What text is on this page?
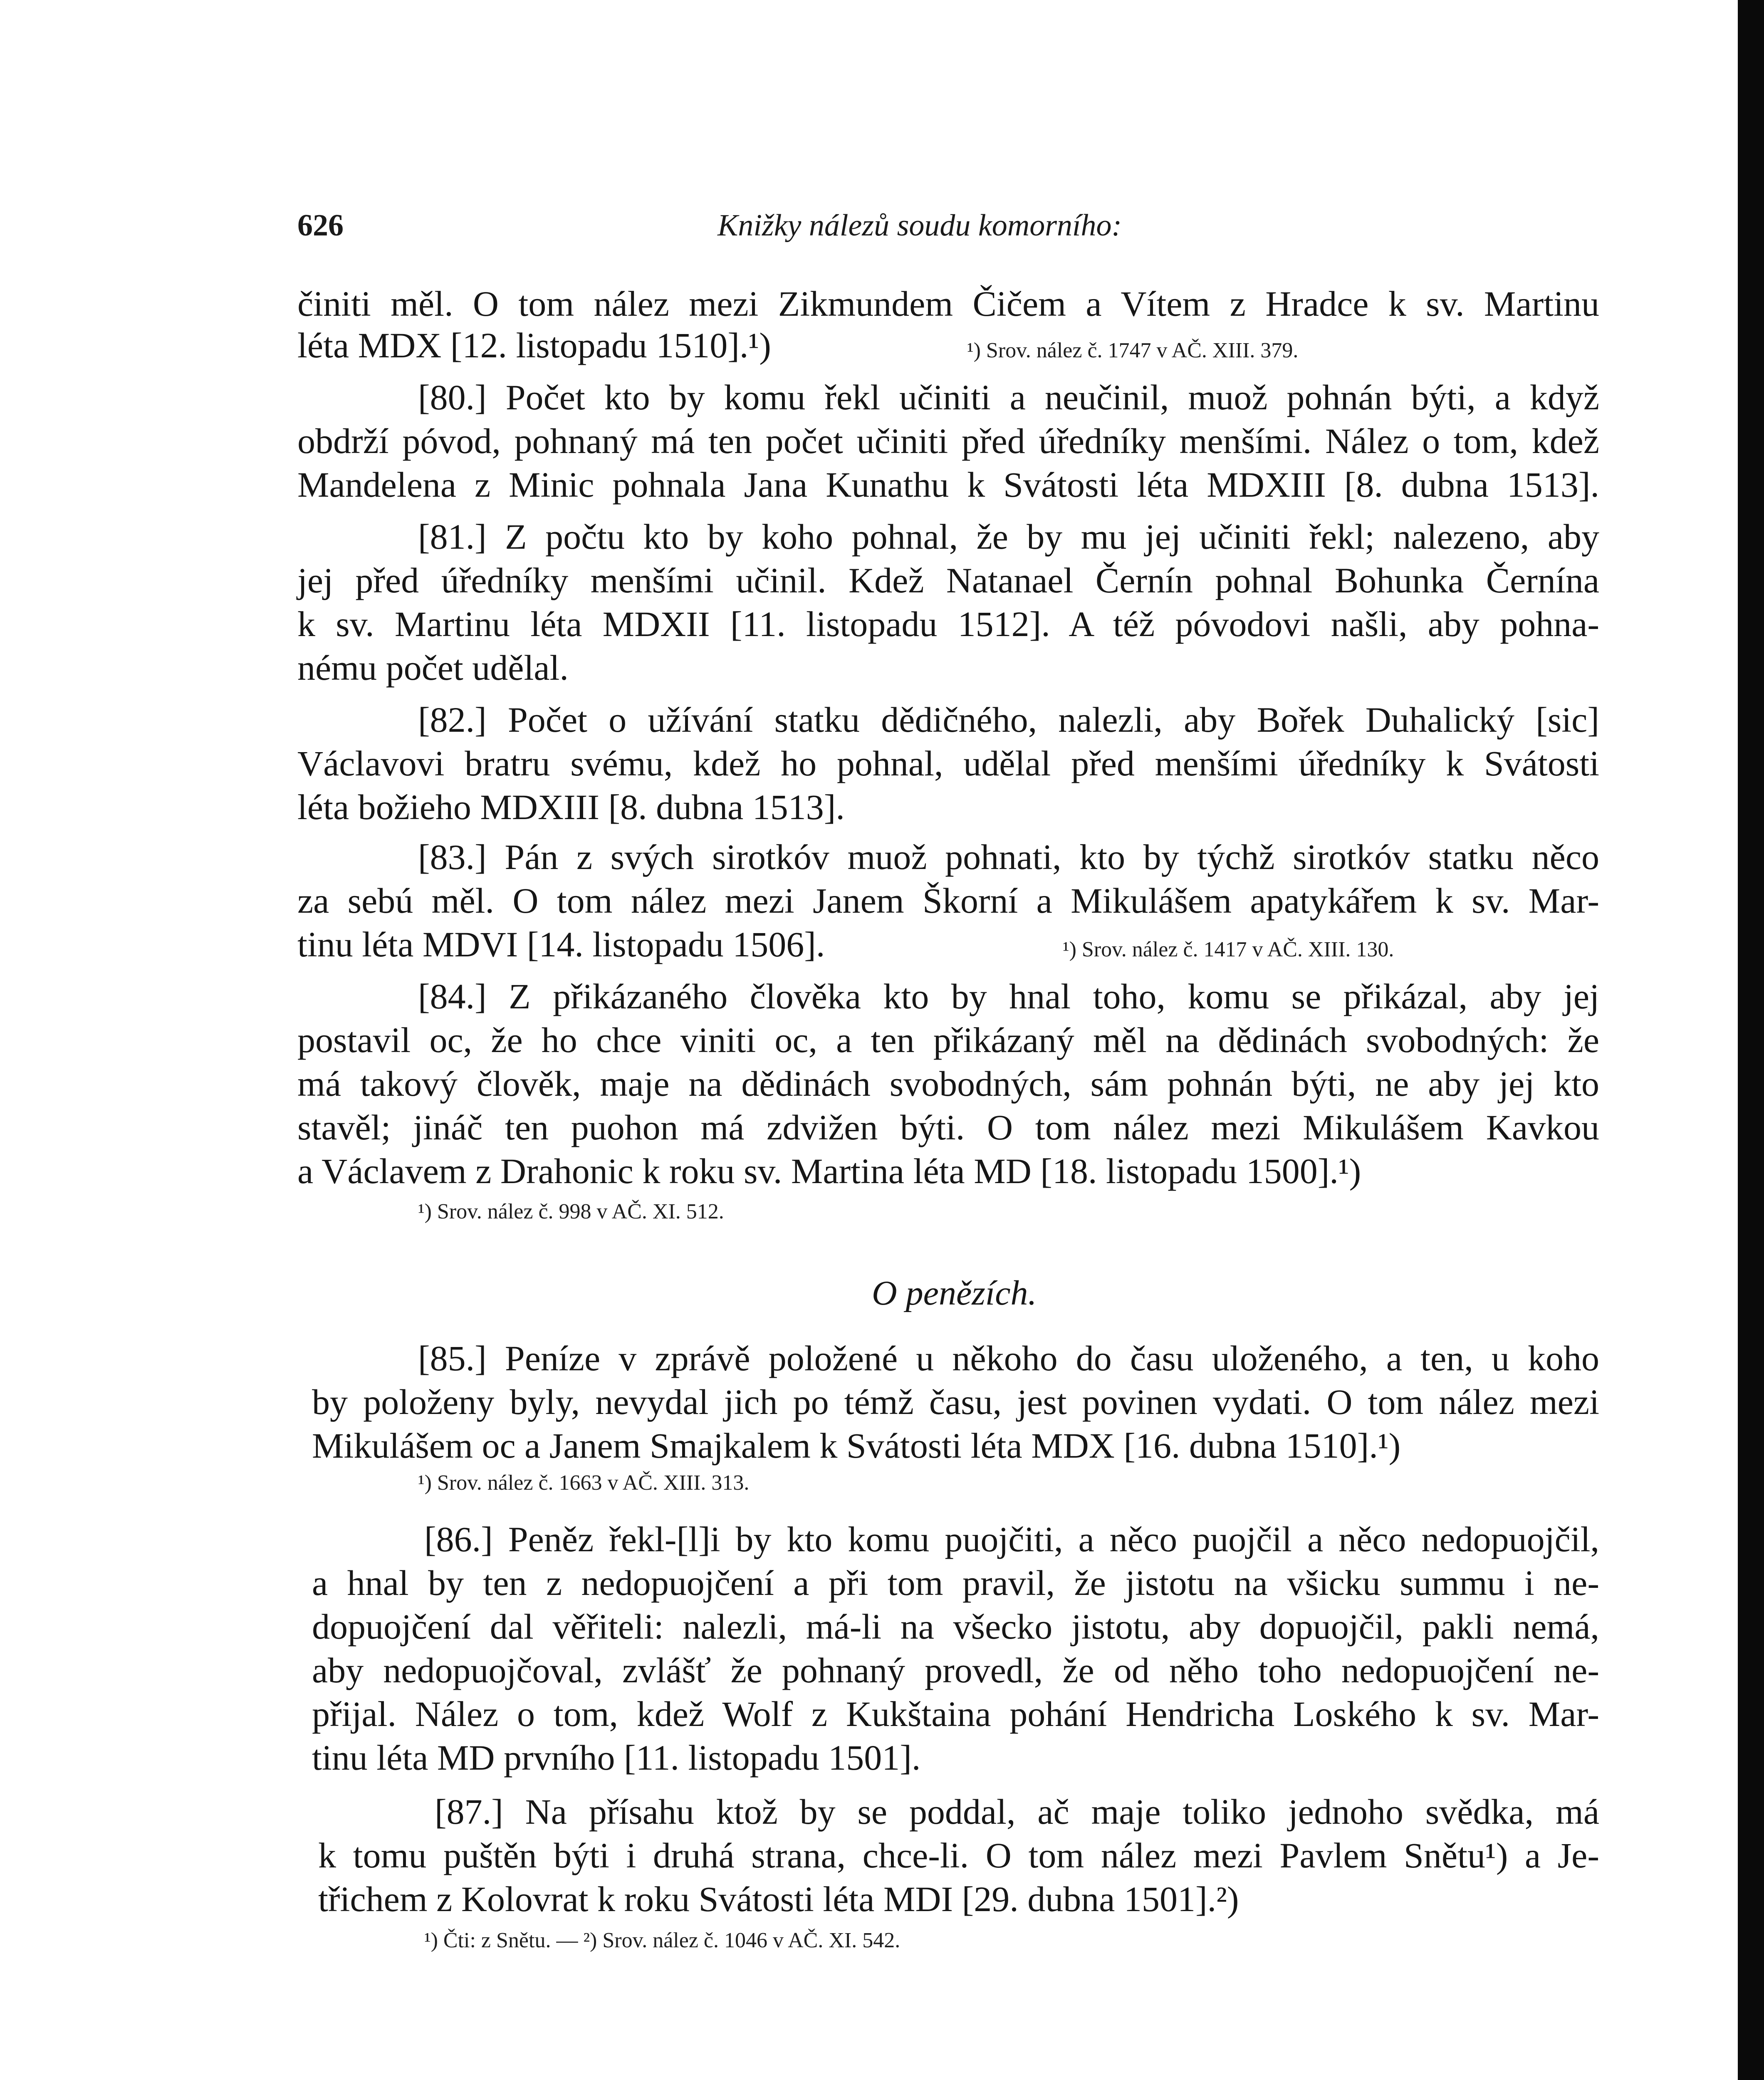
626	Knižky nálezů soudu komorního:
činiti měl. O tom nález mezi Zikmundem Čičem a Vítem z Hradce k sv. Martinu
léta MDX [12. listopadu 1510].¹)	¹) Srov. nález č. 1747 v AČ. XIII. 379.
[80.] Počet kto by komu řekl učiniti a neučinil, muož pohnán býti, a když
obdrží póvod, pohnaný má ten počet učiniti před úředníky menšími. Nález o tom, kdež
Mandelena z Minic pohnala Jana Kunathu k Svátosti léta MDXIII [8. dubna 1513].
[81.] Z počtu kto by koho pohnal, že by mu jej učiniti řekl; nalezeno, aby
jej před úředníky menšími učinil. Kdež Natanael Černín pohnal Bohunka Černína
k sv. Martinu léta MDXII [11. listopadu 1512]. A též póvodovi našli, aby pohna-
nému počet udělal.
[82.] Počet o užívání statku dědičného, nalezli, aby Bořek Duhalický [sic]
Václavovi bratru svému, kdež ho pohnal, udělal před menšími úředníky k Svátosti
léta božieho MDXIII [8. dubna 1513].
[83.] Pán z svých sirotkóv muož pohnati, kto by týchž sirotkóv statku něco
za sebú měl. O tom nález mezi Janem Škorní a Mikulášem apatykářem k sv. Mar-
tinu léta MDVI [14. listopadu 1506].	¹) Srov. nález č. 1417 v AČ. XIII. 130.
[84.] Z přikázaného člověka kto by hnal toho, komu se přikázal, aby jej
postavil oc, že ho chce viniti oc, a ten přikázaný měl na dědinách svobodných: že
má takový člověk, maje na dědinách svobodných, sám pohnán býti, ne aby jej kto
stavěl; jináč ten puohon má zdvižen býti. O tom nález mezi Mikulášem Kavkou
a Václavem z Drahonic k roku sv. Martina léta MD [18. listopadu 1500].¹)
¹) Srov. nález č. 998 v AČ. XI. 512.
O penězích.
[85.] Peníze v zprávě položené u někoho do času uloženého, a ten, u koho
by položeny byly, nevydal jich po témž času, jest povinen vydati. O tom nález mezi
Mikulášem oc a Janem Smajkalem k Svátosti léta MDX [16. dubna 1510].¹)
¹) Srov. nález č. 1663 v AČ. XIII. 313.
[86.] Peněz řekl-[l]i by kto komu puojčiti, a něco puojčil a něco nedopuojčil,
a hnal by ten z nedopuojčení a při tom pravil, že jistotu na všicku summu i ne-
dopuojčení dal věřiteli: nalezli, má-li na všecko jistotu, aby dopuojčil, pakli nemá,
aby nedopuojčoval, zvlášť že pohnaný provedl, že od něho toho nedopuojčení ne-
přijal. Nález o tom, kdež Wolf z Kukštaina pohání Hendricha Loského k sv. Mar-
tinu léta MD prvního [11. listopadu 1501].
[87.] Na přísahu ktož by se poddal, ač maje toliko jednoho svědka, má
k tomu puštěn býti i druhá strana, chce-li. O tom nález mezi Pavlem Snětu¹) a Je-
třichem z Kolovrat k roku Svátosti léta MDI [29. dubna 1501].²)
¹) Čti: z Snětu. — ²) Srov. nález č. 1046 v AČ. XI. 542.
